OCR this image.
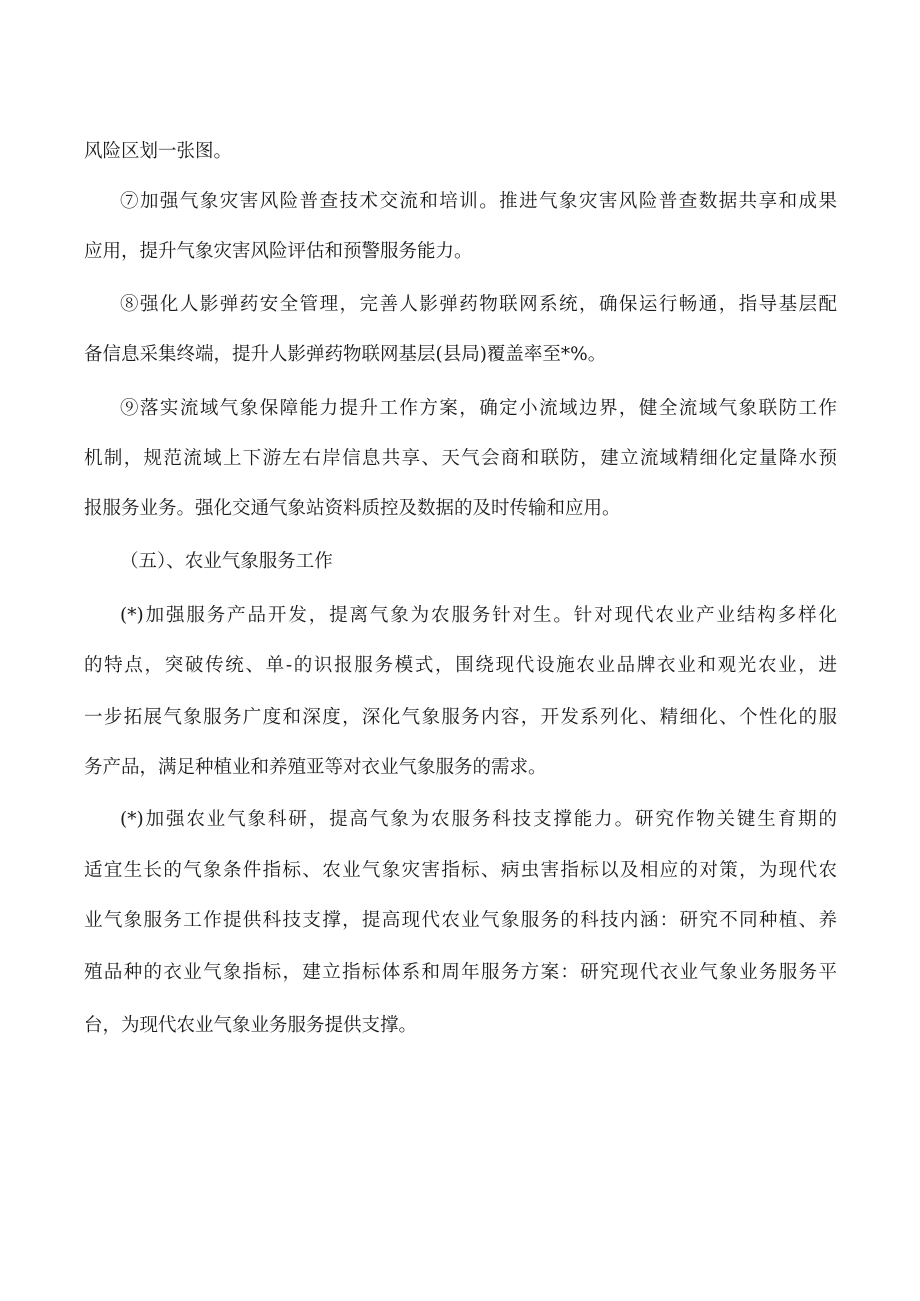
风险区划一张图。
⑦加强气象灾害风险普查技术交流和培训。推进气象灾害风险普查数据共享和成果
应用，提升气象灾害风险评估和预警服务能力。
⑧强化人影弹药安全管理，完善人影弹药物联网系统，确保运行畅通，指导基层配
备信息采集终端，提升人影弹药物联网基层(县局)覆盖率至*%。
⑨落实流域气象保障能力提升工作方案，确定小流域边界，健全流域气象联防工作
机制，规范流域上下游左右岸信息共享、天气会商和联防，建立流域精细化定量降水预
报服务业务。强化交通气象站资料质控及数据的及时传输和应用。
（五）、农业气象服务工作
(*)加强服务产品开发，提离气象为农服务针对生。针对现代农业产业结构多样化
的特点，突破传统、单-的识报服务模式，围绕现代设施农业品牌衣业和观光农业，进
一步拓展气象服务广度和深度，深化气象服务内容，开发系列化、精细化、个性化的服
务产品，满足种植业和养殖亚等对衣业气象服务的需求。
(*)加强农业气象科研，提高气象为农服务科技支撑能力。研究作物关键生育期的
适宜生长的气象条件指标、农业气象灾害指标、病虫害指标以及相应的对策，为现代农
业气象服务工作提供科技支撑，提高现代农业气象服务的科技内涵：研究不同种植、养
殖品种的衣业气象指标，建立指标体系和周年服务方案：研究现代衣业气象业务服务平
台，为现代农业气象业务服务提供支撑。
